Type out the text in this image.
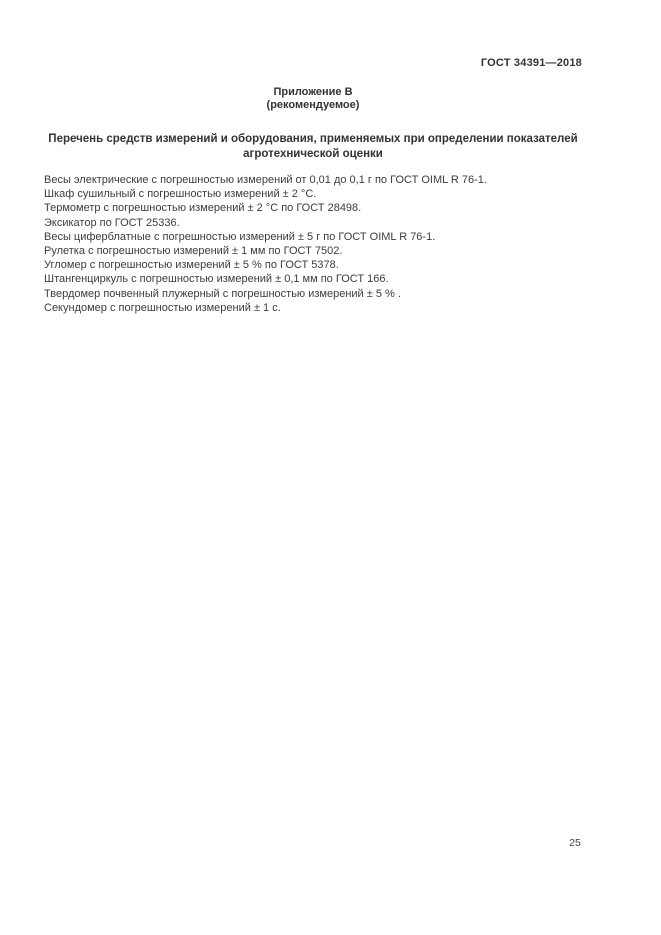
ГОСТ 34391—2018
Приложение В
(рекомендуемое)
Перечень средств измерений и оборудования, применяемых при определении показателей агротехнической оценки

Весы электрические с погрешностью измерений от 0,01 до 0,1 г по ГОСТ OIML R 76-1.

Шкаф сушильный с погрешностью измерений ± 2 °С.

Термометр с погрешностью измерений ± 2 °С по ГОСТ 28498.

Эксикатор по ГОСТ 25336.

Весы циферблатные с погрешностью измерений ± 5 г по ГОСТ OIML R 76-1.

Рулетка с погрешностью измерений ± 1 мм по ГОСТ 7502.

Угломер с погрешностью измерений ± 5 % по ГОСТ 5378.

Штангенциркуль с погрешностью измерений ± 0,1 мм по ГОСТ 166.

Твердомер почвенный плужерный с погрешностью измерений ± 5 % .

Секундомер с погрешностью измерений ± 1 с.

25
